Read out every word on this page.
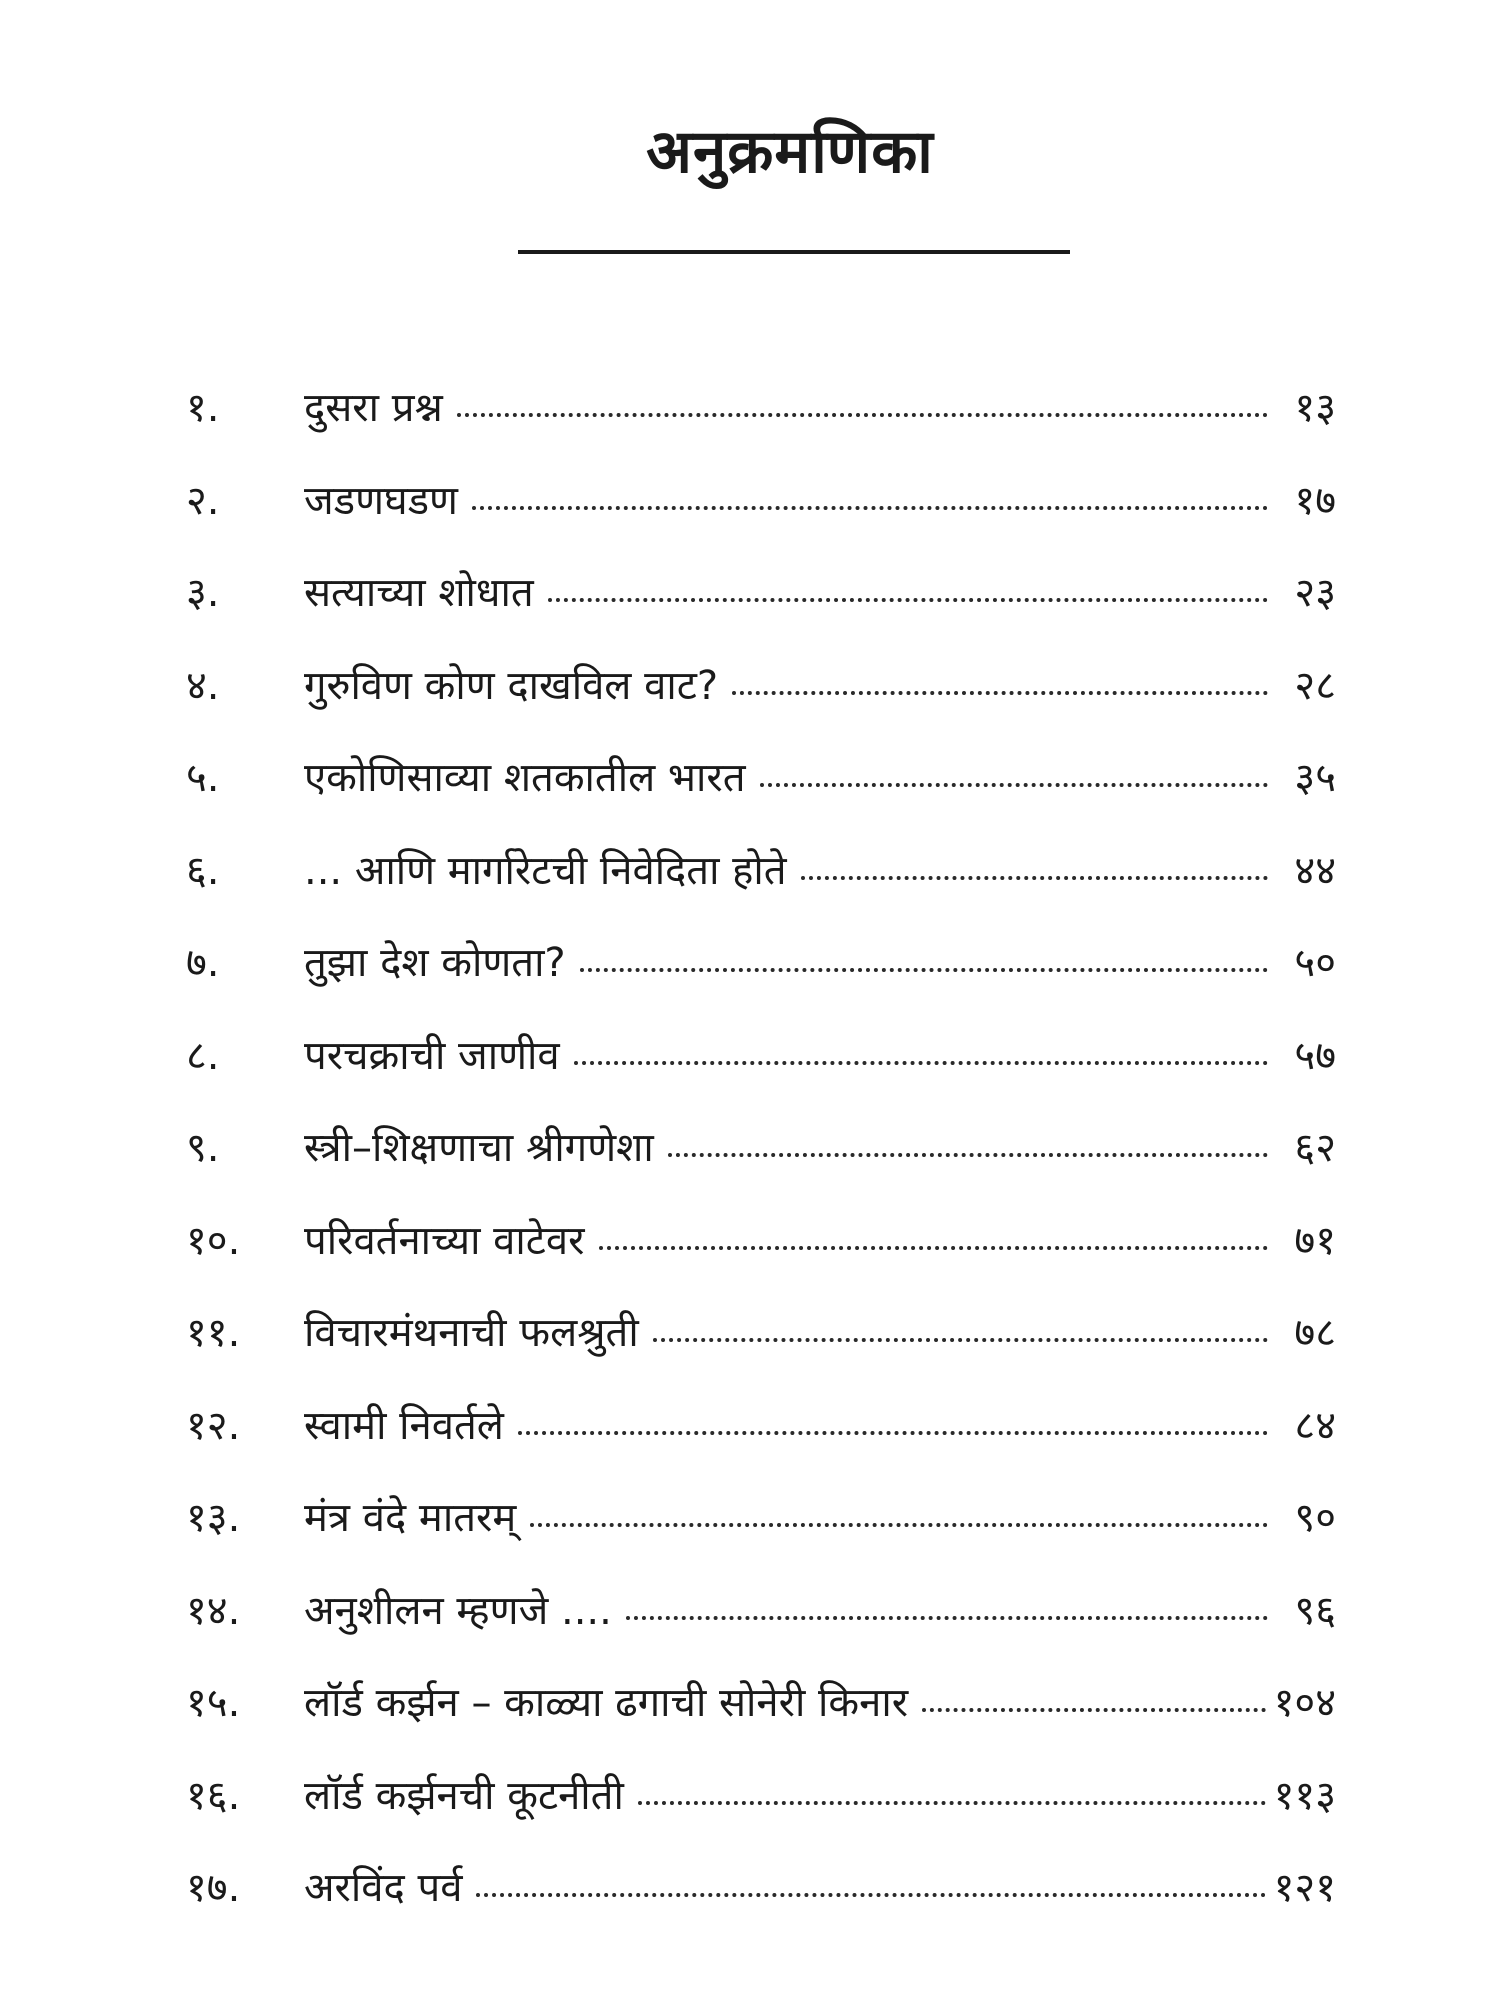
अनुक्रमणिका
१.	दुसरा प्रश्न	१३
२.	जडणघडण	१७
३.	सत्याच्या शोधात	२३
४.	गुरुविण कोण दाखविल वाट?	२८
५.	एकोणिसाव्या शतकातील भारत	३५
६.	... आणि मार्गारेटची निवेदिता होते	४४
७.	तुझा देश कोणता?	५०
८.	परचक्राची जाणीव	५७
९.	स्त्री–शिक्षणाचा श्रीगणेशा	६२
१०.	परिवर्तनाच्या वाटेवर	७१
११.	विचारमंथनाची फलश्रुती	७८
१२.	स्वामी निवर्तले	८४
१३.	मंत्र वंदे मातरम्	९०
१४.	अनुशीलन म्हणजे ....	९६
१५.	लॉर्ड कर्झन – काळ्या ढगाची सोनेरी किनार	१०४
१६.	लॉर्ड कर्झनची कूटनीती	११३
१७.	अरविंद पर्व	१२१
